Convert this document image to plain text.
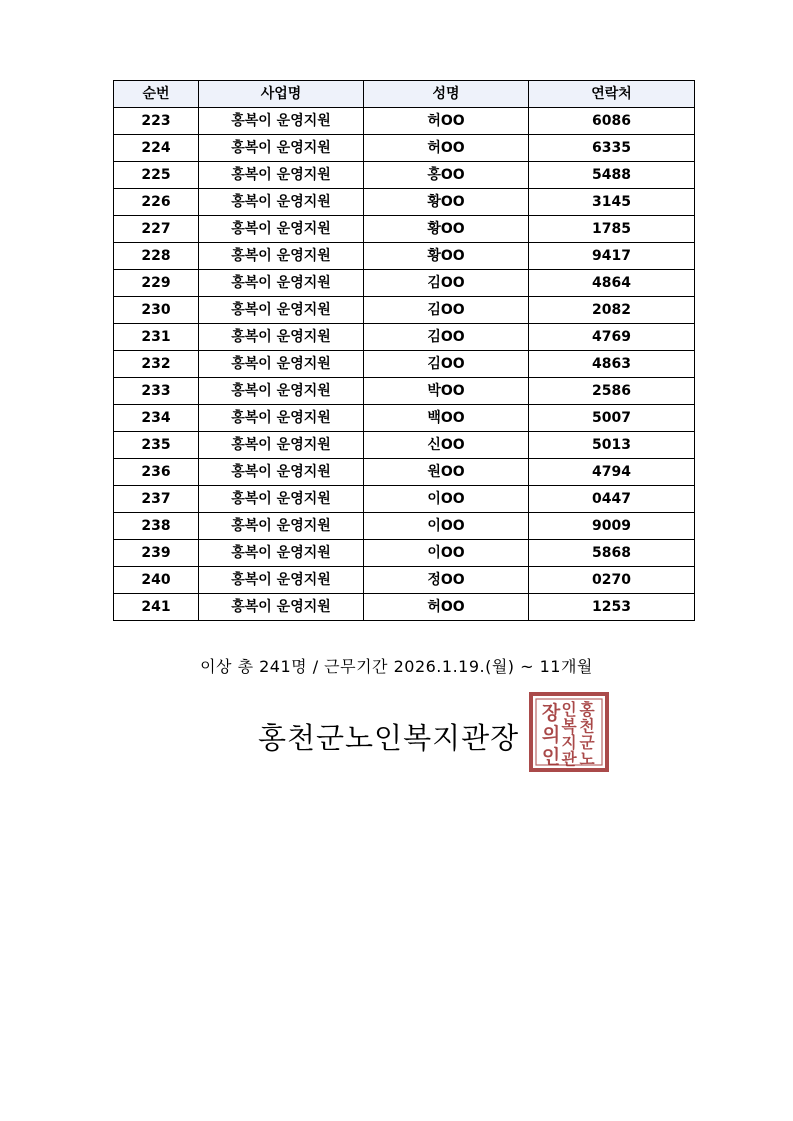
순번	사업명	성명	연락처
223	홍복이 운영지원	허OO	6086
224	홍복이 운영지원	허OO	6335
225	홍복이 운영지원	홍OO	5488
226	홍복이 운영지원	황OO	3145
227	홍복이 운영지원	황OO	1785
228	홍복이 운영지원	황OO	9417
229	홍복이 운영지원	김OO	4864
230	홍복이 운영지원	김OO	2082
231	홍복이 운영지원	김OO	4769
232	홍복이 운영지원	김OO	4863
233	홍복이 운영지원	박OO	2586
234	홍복이 운영지원	백OO	5007
235	홍복이 운영지원	신OO	5013
236	홍복이 운영지원	원OO	4794
237	홍복이 운영지원	이OO	0447
238	홍복이 운영지원	이OO	9009
239	홍복이 운영지원	이OO	5868
240	홍복이 운영지원	정OO	0270
241	홍복이 운영지원	허OO	1253
이상 총 241명 / 근무기간 2026.1.19.(월) ~ 11개월
홍천군노인복지관장
홍
천
군
노
인
복
지
관
장
의
인
